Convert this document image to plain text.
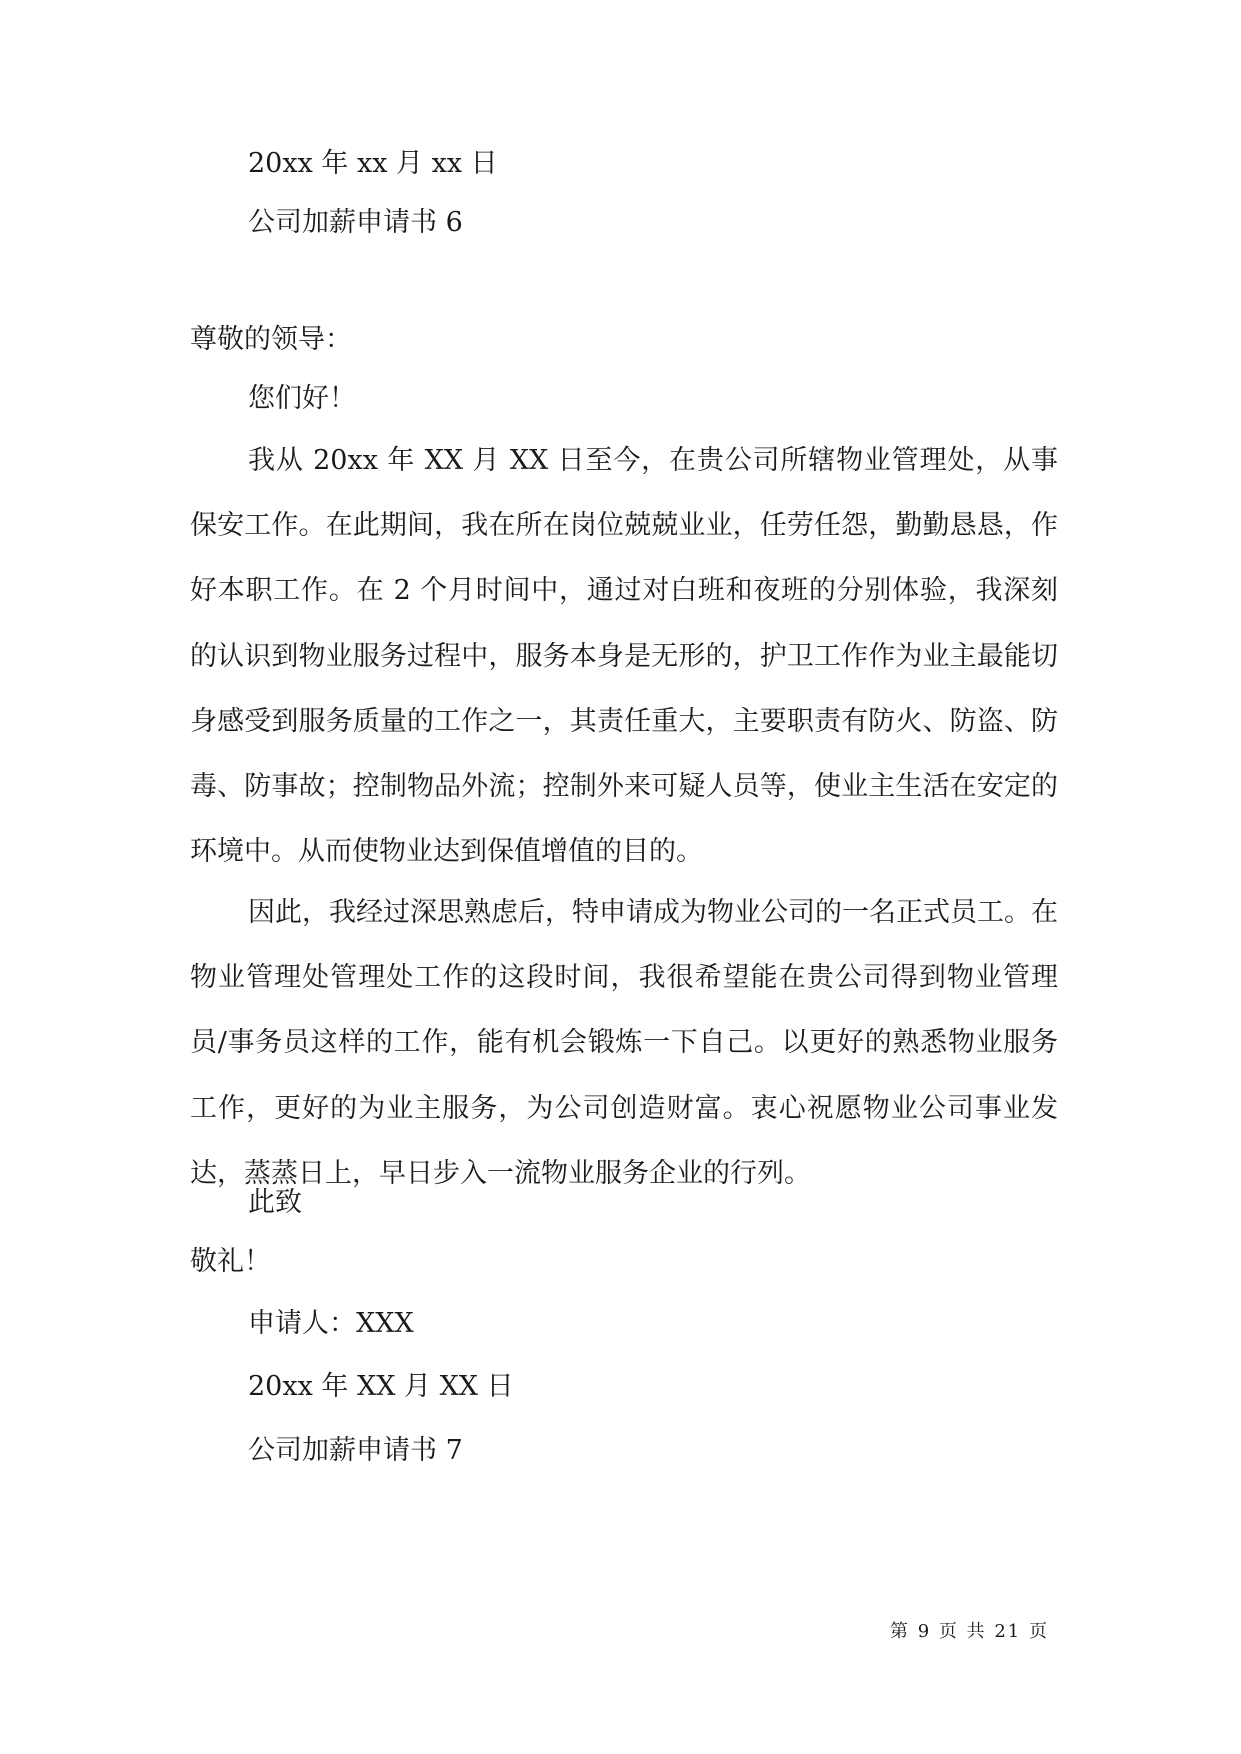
20xx 年 xx 月 xx 日
公司加薪申请书 6
尊敬的领导：
您们好！
我从 20xx 年 XX 月 XX 日至今，在贵公司所辖物业管理处，从事保安工作。在此期间，我在所在岗位兢兢业业，任劳任怨，勤勤恳恳，作好本职工作。在 2 个月时间中，通过对白班和夜班的分别体验，我深刻的认识到物业服务过程中，服务本身是无形的，护卫工作作为业主最能切身感受到服务质量的工作之一，其责任重大，主要职责有防火、防盗、防毒、防事故；控制物品外流；控制外来可疑人员等，使业主生活在安定的环境中。从而使物业达到保值增值的目的。
因此，我经过深思熟虑后，特申请成为物业公司的一名正式员工。在物业管理处管理处工作的这段时间，我很希望能在贵公司得到物业管理员/事务员这样的工作，能有机会锻炼一下自己。以更好的熟悉物业服务工作，更好的为业主服务，为公司创造财富。衷心祝愿物业公司事业发达，蒸蒸日上，早日步入一流物业服务企业的行列。
此致
敬礼！
申请人：XXX
20xx 年 XX 月 XX 日
公司加薪申请书 7
第 9 页 共 21 页
